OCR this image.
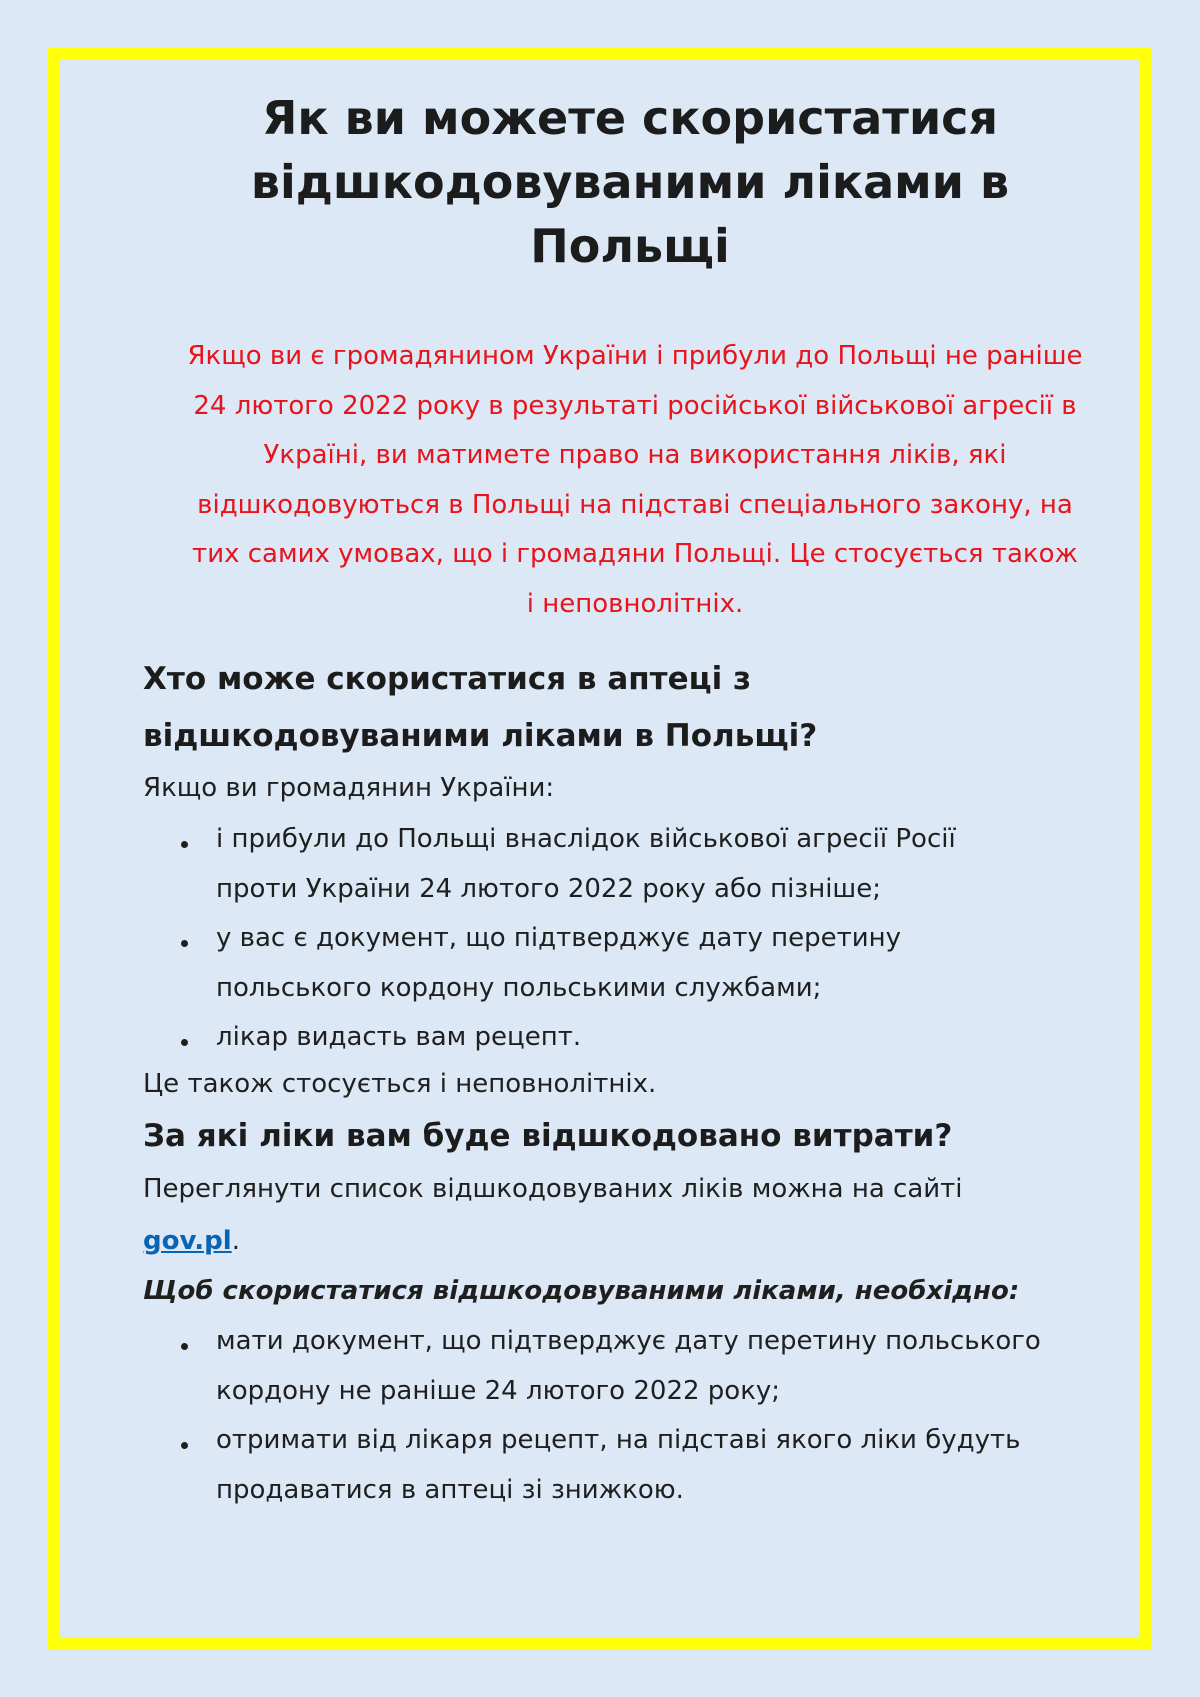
Як ви можете скористатися відшкодовуваними ліками в Польщі

Якщо ви є громадянином України і прибули до Польщі не раніше
24 лютого 2022 року в результаті російської військової агресії в
Україні, ви матимете право на використання ліків, які
відшкодовуються в Польщі на підставі спеціального закону, на
тих самих умовах, що і громадяни Польщі. Це стосується також
і неповнолітніх.

Хто може скористатися в аптеці з
відшкодовуваними ліками в Польщі?

Якщо ви громадянин України:

і прибули до Польщі внаслідок військової агресії Росії

проти України 24 лютого 2022 року або пізніше;

у вас є документ, що підтверджує дату перетину

польського кордону польськими службами;

лікар видасть вам рецепт.

Це також стосується і неповнолітніх.

За які ліки вам буде відшкодовано витрати?

Переглянути список відшкодовуваних ліків можна на сайті

gov.pl.

Щоб скористатися відшкодовуваними ліками, необхідно:

мати документ, що підтверджує дату перетину польського

кордону не раніше 24 лютого 2022 року;

отримати від лікаря рецепт, на підставі якого ліки будуть

продаватися в аптеці зі знижкою.
